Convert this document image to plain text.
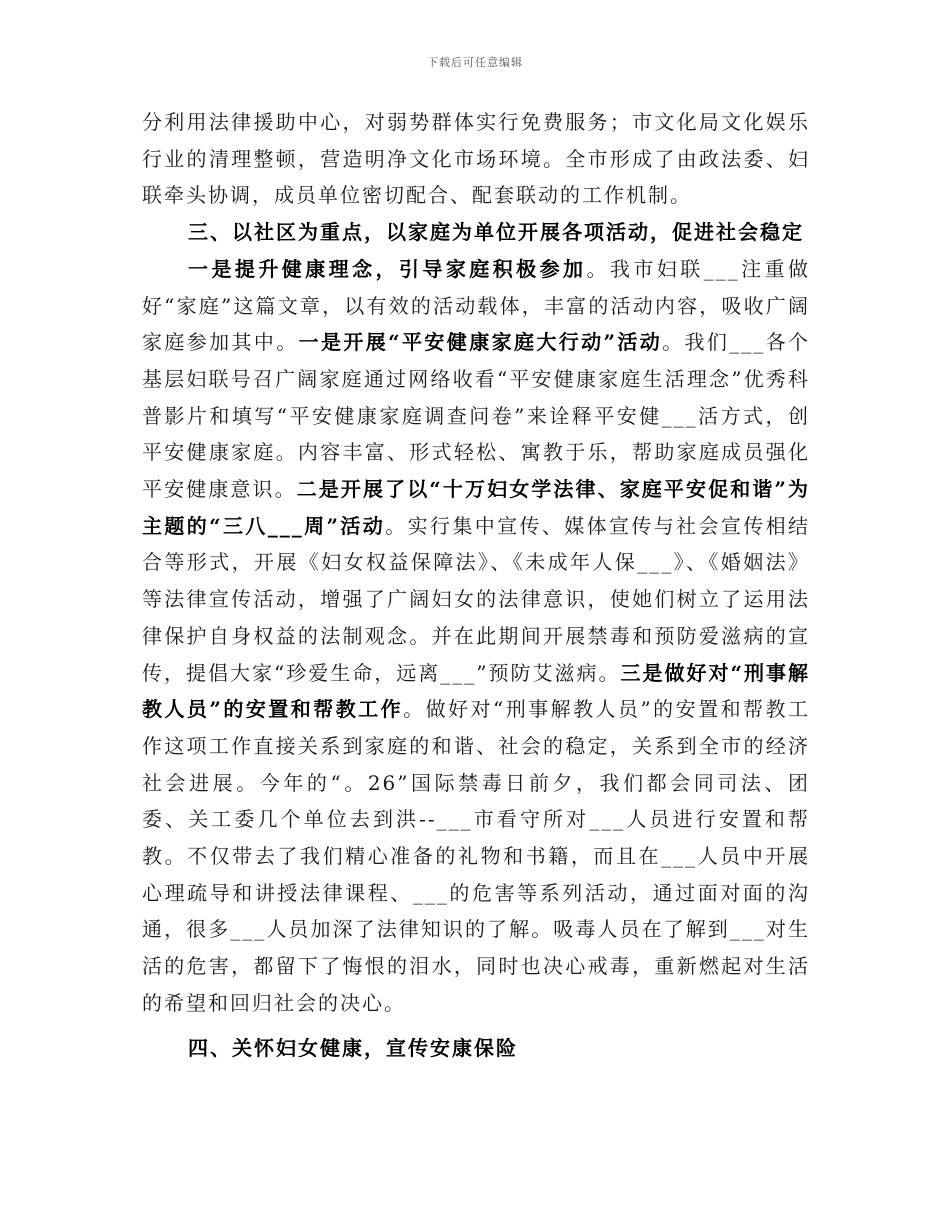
下载后可任意编辑

分利用法律援助中心，对弱势群体实行免费服务；市文化局文化娱乐行业的清理整顿，营造明净文化市场环境。全市形成了由政法委、妇联牵头协调，成员单位密切配合、配套联动的工作机制。

三、以社区为重点，以家庭为单位开展各项活动，促进社会稳定

一是提升健康理念，引导家庭积极参加。我市妇联___注重做好“家庭”这篇文章，以有效的活动载体，丰富的活动内容，吸收广阔家庭参加其中。一是开展“平安健康家庭大行动”活动。我们___各个基层妇联号召广阔家庭通过网络收看“平安健康家庭生活理念”优秀科普影片和填写“平安健康家庭调查问卷”来诠释平安健___活方式，创平安健康家庭。内容丰富、形式轻松、寓教于乐，帮助家庭成员强化平安健康意识。二是开展了以“十万妇女学法律、家庭平安促和谐”为主题的“三八___周”活动。实行集中宣传、媒体宣传与社会宣传相结合等形式，开展《妇女权益保障法》、《未成年人保___》、《婚姻法》等法律宣传活动，增强了广阔妇女的法律意识，使她们树立了运用法律保护自身权益的法制观念。并在此期间开展禁毒和预防爱滋病的宣传，提倡大家“珍爱生命，远离___”预防艾滋病。三是做好对“刑事解教人员”的安置和帮教工作。做好对“刑事解教人员”的安置和帮教工作这项工作直接关系到家庭的和谐、社会的稳定，关系到全市的经济社会进展。今年的“。26”国际禁毒日前夕，我们都会同司法、团委、关工委几个单位去到洪--___市看守所对___人员进行安置和帮教。不仅带去了我们精心准备的礼物和书籍，而且在___人员中开展心理疏导和讲授法律课程、___的危害等系列活动，通过面对面的沟通，很多___人员加深了法律知识的了解。吸毒人员在了解到___对生活的危害，都留下了悔恨的泪水，同时也决心戒毒，重新燃起对生活的希望和回归社会的决心。

四、关怀妇女健康，宣传安康保险
